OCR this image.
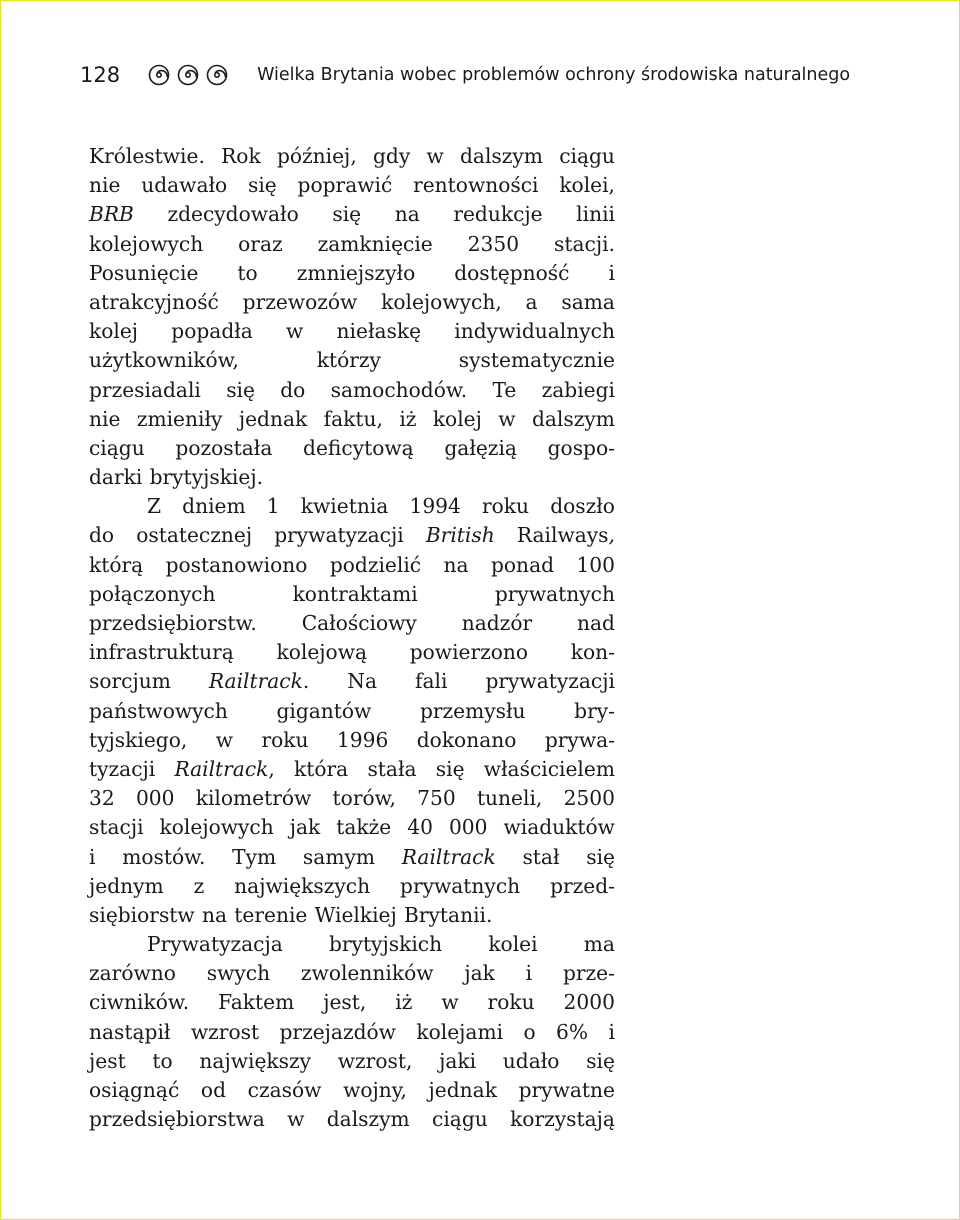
128	Wielka Brytania wobec problemów ochrony środowiska naturalnego
Królestwie. Rok później, gdy w dalszym ciągu
nie udawało się poprawić rentowności kolei,
BRB zdecydowało się na redukcje linii
kolejowych oraz zamknięcie 2350 stacji.
Posunięcie to zmniejszyło dostępność i
atrakcyjność przewozów kolejowych, a sama
kolej popadła w niełaskę indywidualnych
użytkowników,	którzy	systematycznie
przesiadali się do samochodów. Te zabiegi
nie zmieniły jednak faktu, iż kolej w dalszym
ciągu pozostała deficytową gałęzią gospo-
darki brytyjskiej.
Z dniem 1 kwietnia 1994 roku doszło
do ostatecznej prywatyzacji British Railways,
którą postanowiono podzielić na ponad 100
połączonych	kontraktami	prywatnych
przedsiębiorstw. Całościowy nadzór nad
infrastrukturą kolejową powierzono kon-
sorcjum Railtrack. Na fali prywatyzacji
państwowych gigantów przemysłu bry-
tyjskiego, w roku 1996 dokonano prywa-
tyzacji Railtrack, która stała się właścicielem
32 000 kilometrów torów, 750 tuneli, 2500
stacji kolejowych jak także 40 000 wiaduktów
i mostów. Tym samym Railtrack stał się
jednym z największych prywatnych przed-
siębiorstw na terenie Wielkiej Brytanii.
Prywatyzacja brytyjskich kolei ma
zarówno swych zwolenników jak i prze-
ciwników. Faktem jest, iż w roku 2000
nastąpił wzrost przejazdów kolejami o 6% i
jest to największy wzrost, jaki udało się
osiągnąć od czasów wojny, jednak prywatne
przedsiębiorstwa w dalszym ciągu korzystają
